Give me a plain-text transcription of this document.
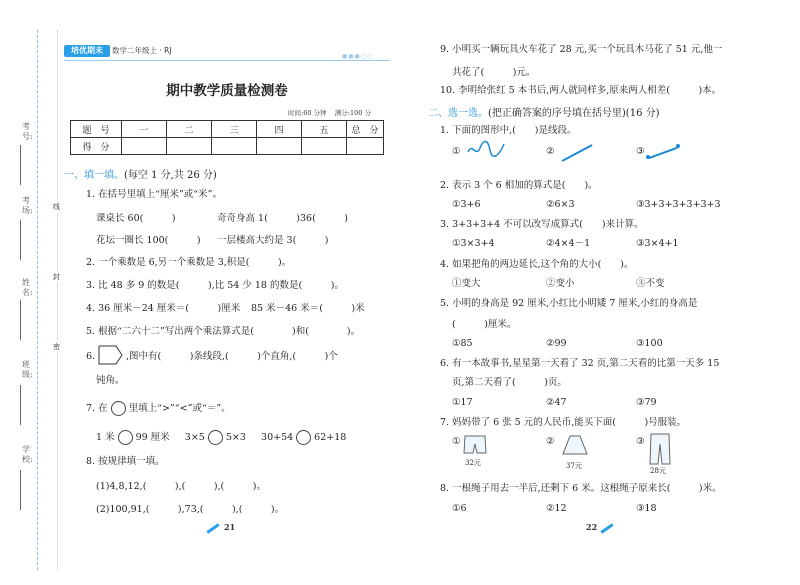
考号:
考场:
姓名:
班级:
学校:
线
封
密
培优期末	数学二年级上 · RJ
●●●○○
期中教学质量检测卷
时间:60 分钟 满分:100 分
题　号	一	二	三	四	五	总　分
得　分						
一、填一填。(每空 1 分,共 26 分)
1. 在括号里填上“厘米”或“米”。
课桌长 60(　　　)	奇奇身高 1(　　　)36(　　　)
花坛一圈长 100(　　　) 一层楼高大约是 3(　　　)
2. 一个乘数是 6,另一个乘数是 3,积是(　　　)。
3. 比 48 多 9 的数是(　　　),比 54 少 18 的数是(　　　)。
4. 36 厘米－24 厘米＝(　　　)厘米 85 米－46 米＝(　　　)米
5. 根据“二六十二”写出两个乘法算式是(　　　　)和(　　　　)。
6.	,图中有(　　　)条线段,(　　　)个直角,(　　　)个
钝角。
7. 在 里填上“>”“<”或“＝”。
1 米 99 厘米 3×5 5×3 30+54 62+18
8. 按规律填一填。
(1)4,8,12,(　　　),(　　　),(　　　)。
(2)100,91,(　　　),73,(　　　),(　　　)。
21
9. 小明买一辆玩具火车花了 28 元,买一个玩具木马花了 51 元,他一
共花了(　　　)元。
10. 李明给张红 5 本书后,两人就同样多,原来两人相差(　　　)本。
二、选一选。(把正确答案的序号填在括号里)(16 分)
1. 下面的图形中,(　　)是线段。
①	②	③
2. 表示 3 个 6 相加的算式是(　　)。
①3+6	②6×3	③3+3+3+3+3+3
3. 3+3+3+4 不可以改写成算式(　　)来计算。
①3×3+4	②4×4－1	③3×4+1
4. 如果把角的两边延长,这个角的大小(　　)。
①变大	②变小	③不变
5. 小明的身高是 92 厘米,小红比小明矮 7 厘米,小红的身高是
(　　　)厘米。
①85	②99	③100
6. 有一本故事书,星星第一天看了 32 页,第二天看的比第一天多 15
页,第二天看了(　　　)页。
①17	②47	③79
7. 妈妈带了 6 张 5 元的人民币,能买下面(　　　)号服装。
①
32元
②
37元
③
28元
8. 一根绳子用去一半后,还剩下 6 米。这根绳子原来长(　　　)米。
①6	②12	③18
22
